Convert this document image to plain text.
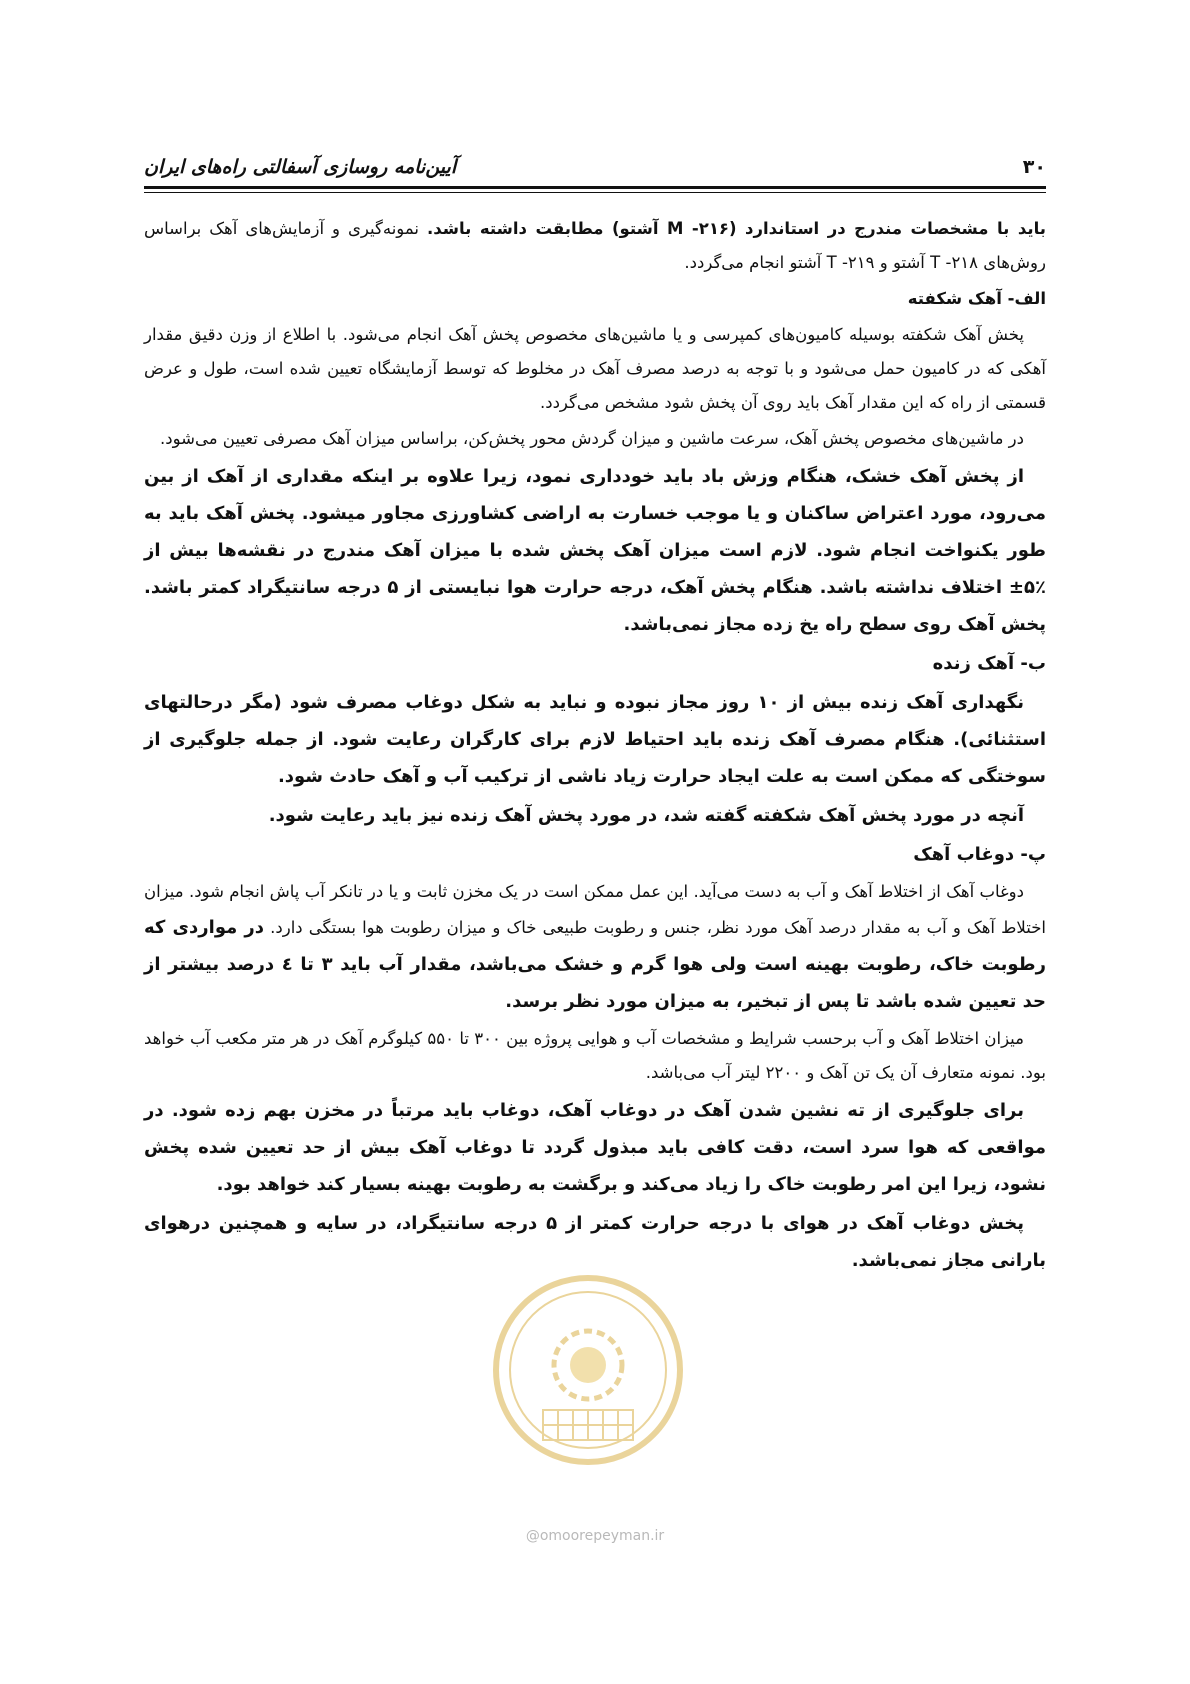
۳۰
آیین‌نامه روسازی آسفالتی راه‌های ایران

باید با مشخصات مندرج در استاندارد (۲۱۶- M آشتو) مطابقت داشته باشد. نمونه‌گیری و آزمایش‌های آهک براساس روش‌های ۲۱۸- T آشتو و ۲۱۹- T آشتو انجام می‌گردد.

الف- آهک شکفته

پخش آهک شکفته بوسیله کامیون‌های کمپرسی و یا ماشین‌های مخصوص پخش آهک انجام می‌شود. با اطلاع از وزن دقیق مقدار آهکی که در کامیون حمل می‌شود و با توجه به درصد مصرف آهک در مخلوط که توسط آزمایشگاه تعیین شده است، طول و عرض قسمتی از راه که این مقدار آهک باید روی آن پخش شود مشخص می‌گردد.

در ماشین‌های مخصوص پخش آهک، سرعت ماشین و میزان گردش محور پخش‌کن، براساس میزان آهک مصرفی تعیین می‌شود.

از پخش آهک خشک، هنگام وزش باد باید خودداری نمود، زیرا علاوه بر اینکه مقداری از آهک از بین می‌رود، مورد اعتراض ساکنان و یا موجب خسارت به اراضی کشاورزی مجاور میشود. پخش آهک باید به طور یکنواخت انجام شود. لازم است میزان آهک پخش شده با میزان آهک مندرج در نقشه‌ها بیش از ٪۵± اختلاف نداشته باشد. هنگام پخش آهک، درجه حرارت هوا نبایستی از ۵ درجه سانتیگراد کمتر باشد. پخش آهک روی سطح راه یخ زده مجاز نمی‌باشد.

ب- آهک زنده

نگهداری آهک زنده بیش از ۱۰ روز مجاز نبوده و نباید به شکل دوغاب مصرف شود (مگر درحالتهای استثنائی). هنگام مصرف آهک زنده باید احتیاط لازم برای کارگران رعایت شود. از جمله جلوگیری از سوختگی که ممکن است به علت ایجاد حرارت زیاد ناشی از ترکیب آب و آهک حادث شود.

آنچه در مورد پخش آهک شکفته گفته شد، در مورد پخش آهک زنده نیز باید رعایت شود.

پ- دوغاب آهک

دوغاب آهک از اختلاط آهک و آب به دست می‌آید. این عمل ممکن است در یک مخزن ثابت و یا در تانکر آب پاش انجام شود. میزان اختلاط آهک و آب به مقدار درصد آهک مورد نظر، جنس و رطوبت طبیعی خاک و میزان رطوبت هوا بستگی دارد. در مواردی که رطوبت خاک، رطوبت بهینه است ولی هوا گرم و خشک می‌باشد، مقدار آب باید ۳ تا ٤ درصد بیشتر از حد تعیین شده باشد تا پس از تبخیر، به میزان مورد نظر برسد.

میزان اختلاط آهک و آب برحسب شرایط و مشخصات آب و هوایی پروژه بین ۳۰۰ تا ۵۵۰ کیلوگرم آهک در هر متر مکعب آب خواهد بود. نمونه متعارف آن یک تن آهک و ۲۲۰۰ لیتر آب می‌باشد.

برای جلوگیری از ته نشین شدن آهک در دوغاب آهک، دوغاب باید مرتباً در مخزن بهم زده شود. در مواقعی که هوا سرد است، دقت کافی باید مبذول گردد تا دوغاب آهک بیش از حد تعیین شده پخش نشود، زیرا این امر رطوبت خاک را زیاد می‌کند و برگشت به رطوبت بهینه بسیار کند خواهد بود.

پخش دوغاب آهک در هوای با درجه حرارت کمتر از ۵ درجه سانتیگراد، در سایه و همچنین درهوای بارانی مجاز نمی‌باشد.

@omoorepeyman.ir
